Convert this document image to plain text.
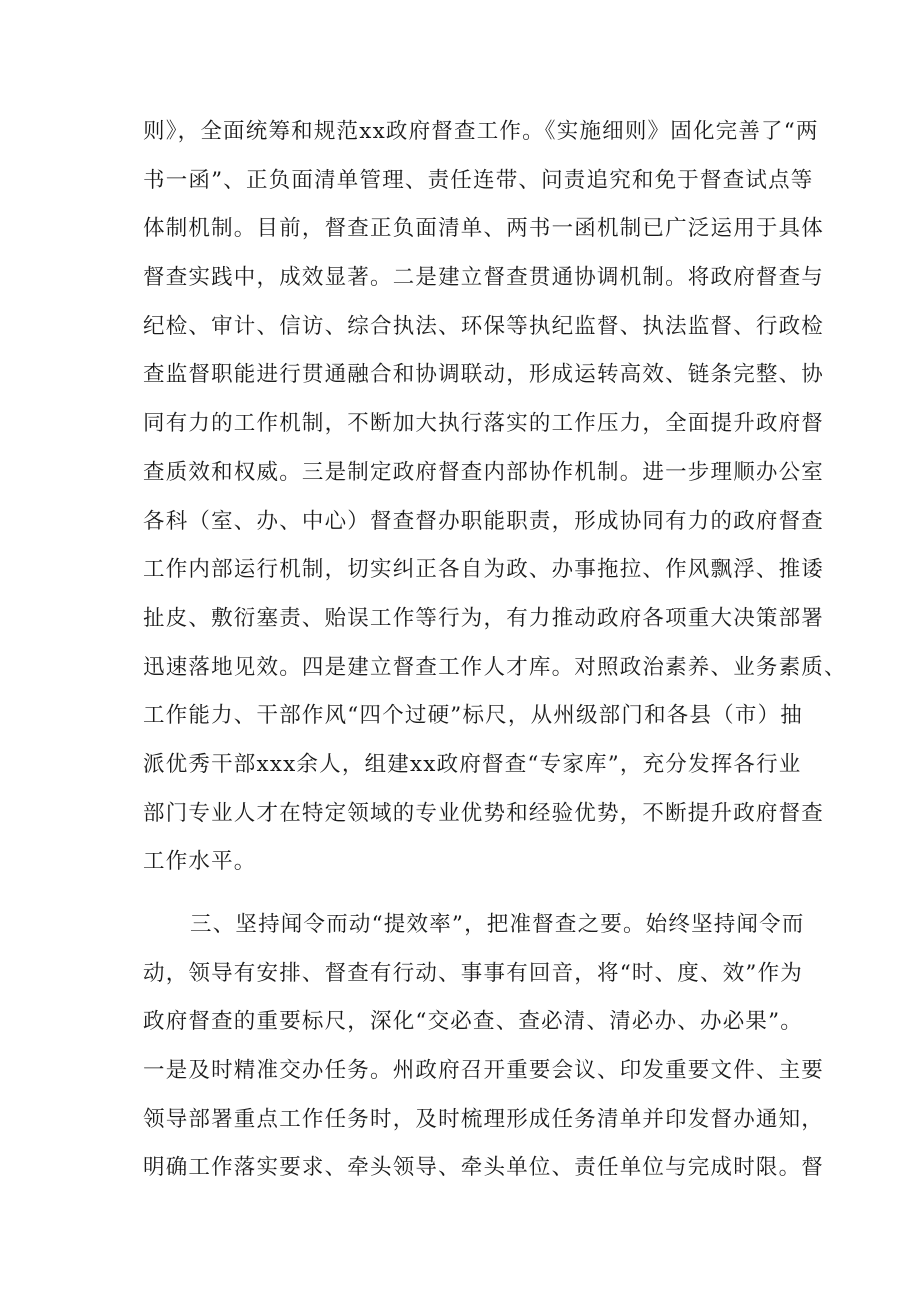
则》，全面统筹和规范xx政府督查工作。《实施细则》固化完善了“两
书一函”、正负面清单管理、责任连带、问责追究和免于督查试点等
体制机制。目前，督查正负面清单、两书一函机制已广泛运用于具体
督查实践中，成效显著。二是建立督查贯通协调机制。将政府督查与
纪检、审计、信访、综合执法、环保等执纪监督、执法监督、行政检
查监督职能进行贯通融合和协调联动，形成运转高效、链条完整、协
同有力的工作机制，不断加大执行落实的工作压力，全面提升政府督
查质效和权威。三是制定政府督查内部协作机制。进一步理顺办公室
各科（室、办、中心）督查督办职能职责，形成协同有力的政府督查
工作内部运行机制，切实纠正各自为政、办事拖拉、作风飘浮、推诿
扯皮、敷衍塞责、贻误工作等行为，有力推动政府各项重大决策部署
迅速落地见效。四是建立督查工作人才库。对照政治素养、业务素质、
工作能力、干部作风“四个过硬”标尺，从州级部门和各县（市）抽
派优秀干部xxx余人，组建xx政府督查“专家库”，充分发挥各行业
部门专业人才在特定领域的专业优势和经验优势，不断提升政府督查
工作水平。
三、坚持闻令而动“提效率”，把准督查之要。始终坚持闻令而
动，领导有安排、督查有行动、事事有回音，将“时、度、效”作为
政府督查的重要标尺，深化“交必查、查必清、清必办、办必果”。
一是及时精准交办任务。州政府召开重要会议、印发重要文件、主要
领导部署重点工作任务时，及时梳理形成任务清单并印发督办通知，
明确工作落实要求、牵头领导、牵头单位、责任单位与完成时限。督
